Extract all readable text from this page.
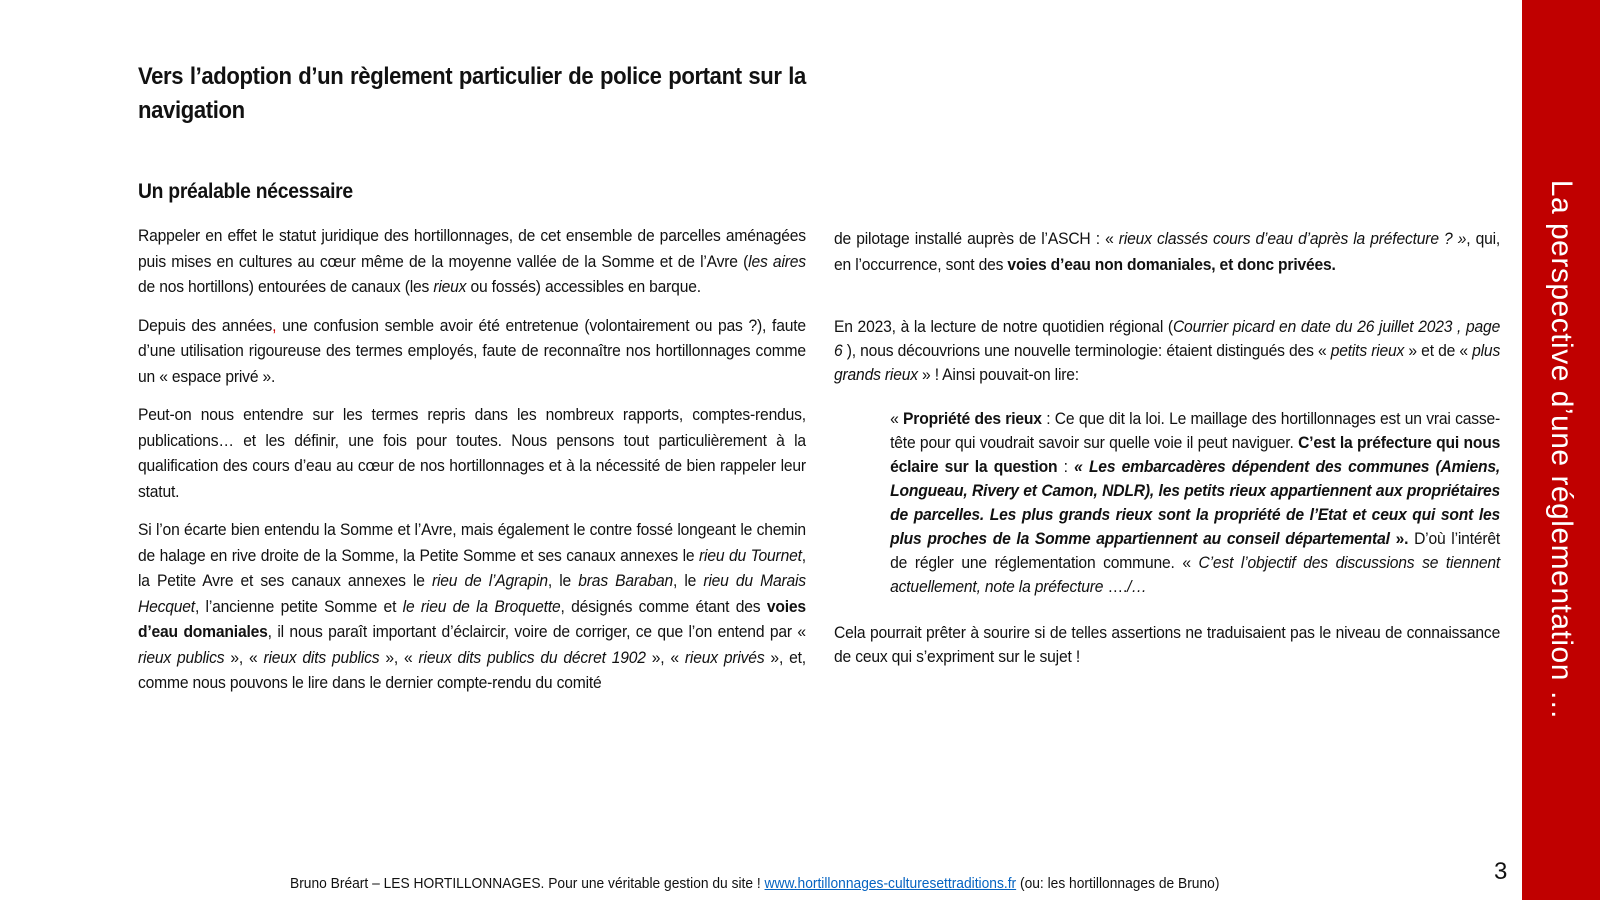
Vers l’adoption d’un règlement particulier de police portant sur la navigation
Un préalable nécessaire

Rappeler en effet le statut juridique des hortillonnages, de cet ensemble de parcelles aménagées puis mises en cultures au cœur même de la moyenne vallée de la Somme et de l’Avre (les aires de nos hortillons) entourées de canaux (les rieux ou fossés) accessibles en barque.

Depuis des années, une confusion semble avoir été entretenue (volontairement ou pas ?), faute d’une utilisation rigoureuse des termes employés, faute de reconnaître nos hortillonnages comme un « espace privé ».

Peut-on nous entendre sur les termes repris dans les nombreux rapports, comptes-rendus, publications… et les définir, une fois pour toutes. Nous pensons tout particulièrement à la qualification des cours d’eau au cœur de nos hortillonnages et à la nécessité de bien rappeler leur statut.

Si l’on écarte bien entendu la Somme et l’Avre, mais également le contre fossé longeant le chemin de halage en rive droite de la Somme, la Petite Somme et ses canaux annexes le rieu du Tournet, la Petite Avre et ses canaux annexes le rieu de l’Agrapin, le bras Baraban, le rieu du Marais Hecquet, l’ancienne petite Somme et le rieu de la Broquette, désignés comme étant des voies d’eau domaniales, il nous paraît important d’éclaircir, voire de corriger, ce que l’on entend par « rieux publics », « rieux dits publics », « rieux dits publics du décret 1902 », « rieux privés », et, comme nous pouvons le lire dans le dernier compte-rendu du comité

de pilotage installé auprès de l’ASCH : « rieux classés cours d’eau d’après la préfecture ? », qui, en l’occurrence, sont des voies d’eau non domaniales, et donc privées.

En 2023, à la lecture de notre quotidien régional (Courrier picard en date du 26 juillet 2023 , page 6 ), nous découvrions une nouvelle terminologie: étaient distingués des « petits rieux » et de « plus grands rieux » ! Ainsi pouvait-on lire:

« Propriété des rieux : Ce que dit la loi. Le maillage des hortillonnages est un vrai casse-tête pour qui voudrait savoir sur quelle voie il peut naviguer. C’est la préfecture qui nous éclaire sur la question : « Les embarcadères dépendent des communes (Amiens, Longueau, Rivery et Camon, NDLR), les petits rieux appartiennent aux propriétaires de parcelles. Les plus grands rieux sont la propriété de l’Etat et ceux qui sont les plus proches de la Somme appartiennent au conseil départemental ». D’où l’intérêt de régler une réglementation commune. « C’est l’objectif des discussions se tiennent actuellement, note la préfecture …./…

Cela pourrait prêter à sourire si de telles assertions ne traduisaient pas le niveau de connaissance de ceux qui s’expriment sur le sujet !	La perspective d’une réglementation …
3
Bruno Bréart – LES HORTILLONNAGES. Pour une véritable gestion du site ! www.hortillonnages-culturesettraditions.fr (ou: les hortillonnages de Bruno)
